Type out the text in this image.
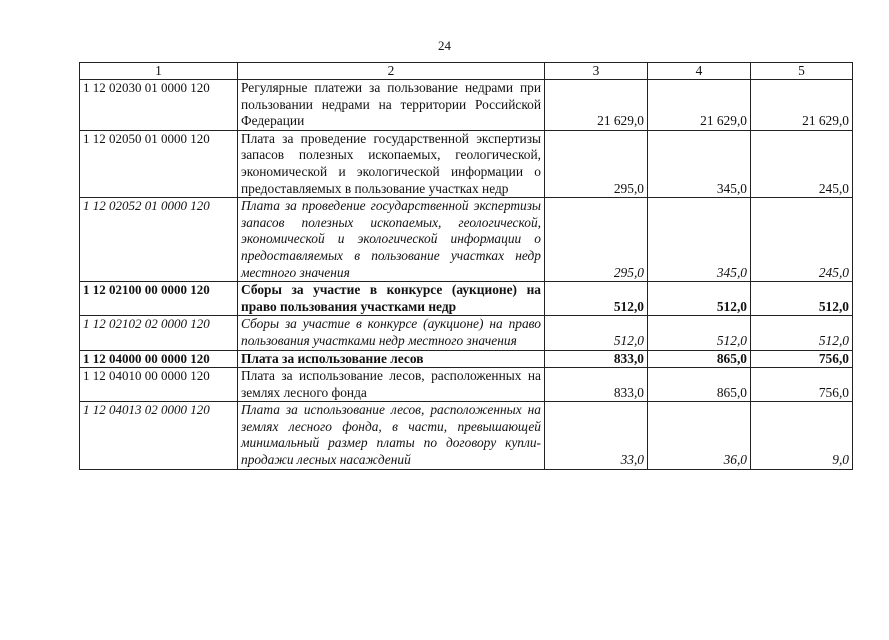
24
1	2	3	4	5
1 12 02030 01 0000 120	Регулярные платежи за пользование недрами при пользовании недрами на территории Российской Федерации	21 629,0	21 629,0	21 629,0
1 12 02050 01 0000 120	Плата за проведение государственной экспертизы запасов полезных ископаемых, геологической, экономической и экологической информации о предоставляемых в пользование участках недр	295,0	345,0	245,0
1 12 02052 01 0000 120	Плата за проведение государственной экспертизы запасов полезных ископаемых, геологической, экономической и экологической информации о предоставляемых в пользование участках недр местного значения	295,0	345,0	245,0
1 12 02100 00 0000 120	Сборы за участие в конкурсе (аукционе) на право пользования участками недр	512,0	512,0	512,0
1 12 02102 02 0000 120	Сборы за участие в конкурсе (аукционе) на право пользования участками недр местного значения	512,0	512,0	512,0
1 12 04000 00 0000 120	Плата за использование лесов	833,0	865,0	756,0
1 12 04010 00 0000 120	Плата за использование лесов, расположенных на землях лесного фонда	833,0	865,0	756,0
1 12 04013 02 0000 120	Плата за использование лесов, расположенных на землях лесного фонда, в части, превышающей минимальный размер платы по договору купли-продажи лесных насаждений	33,0	36,0	9,0
